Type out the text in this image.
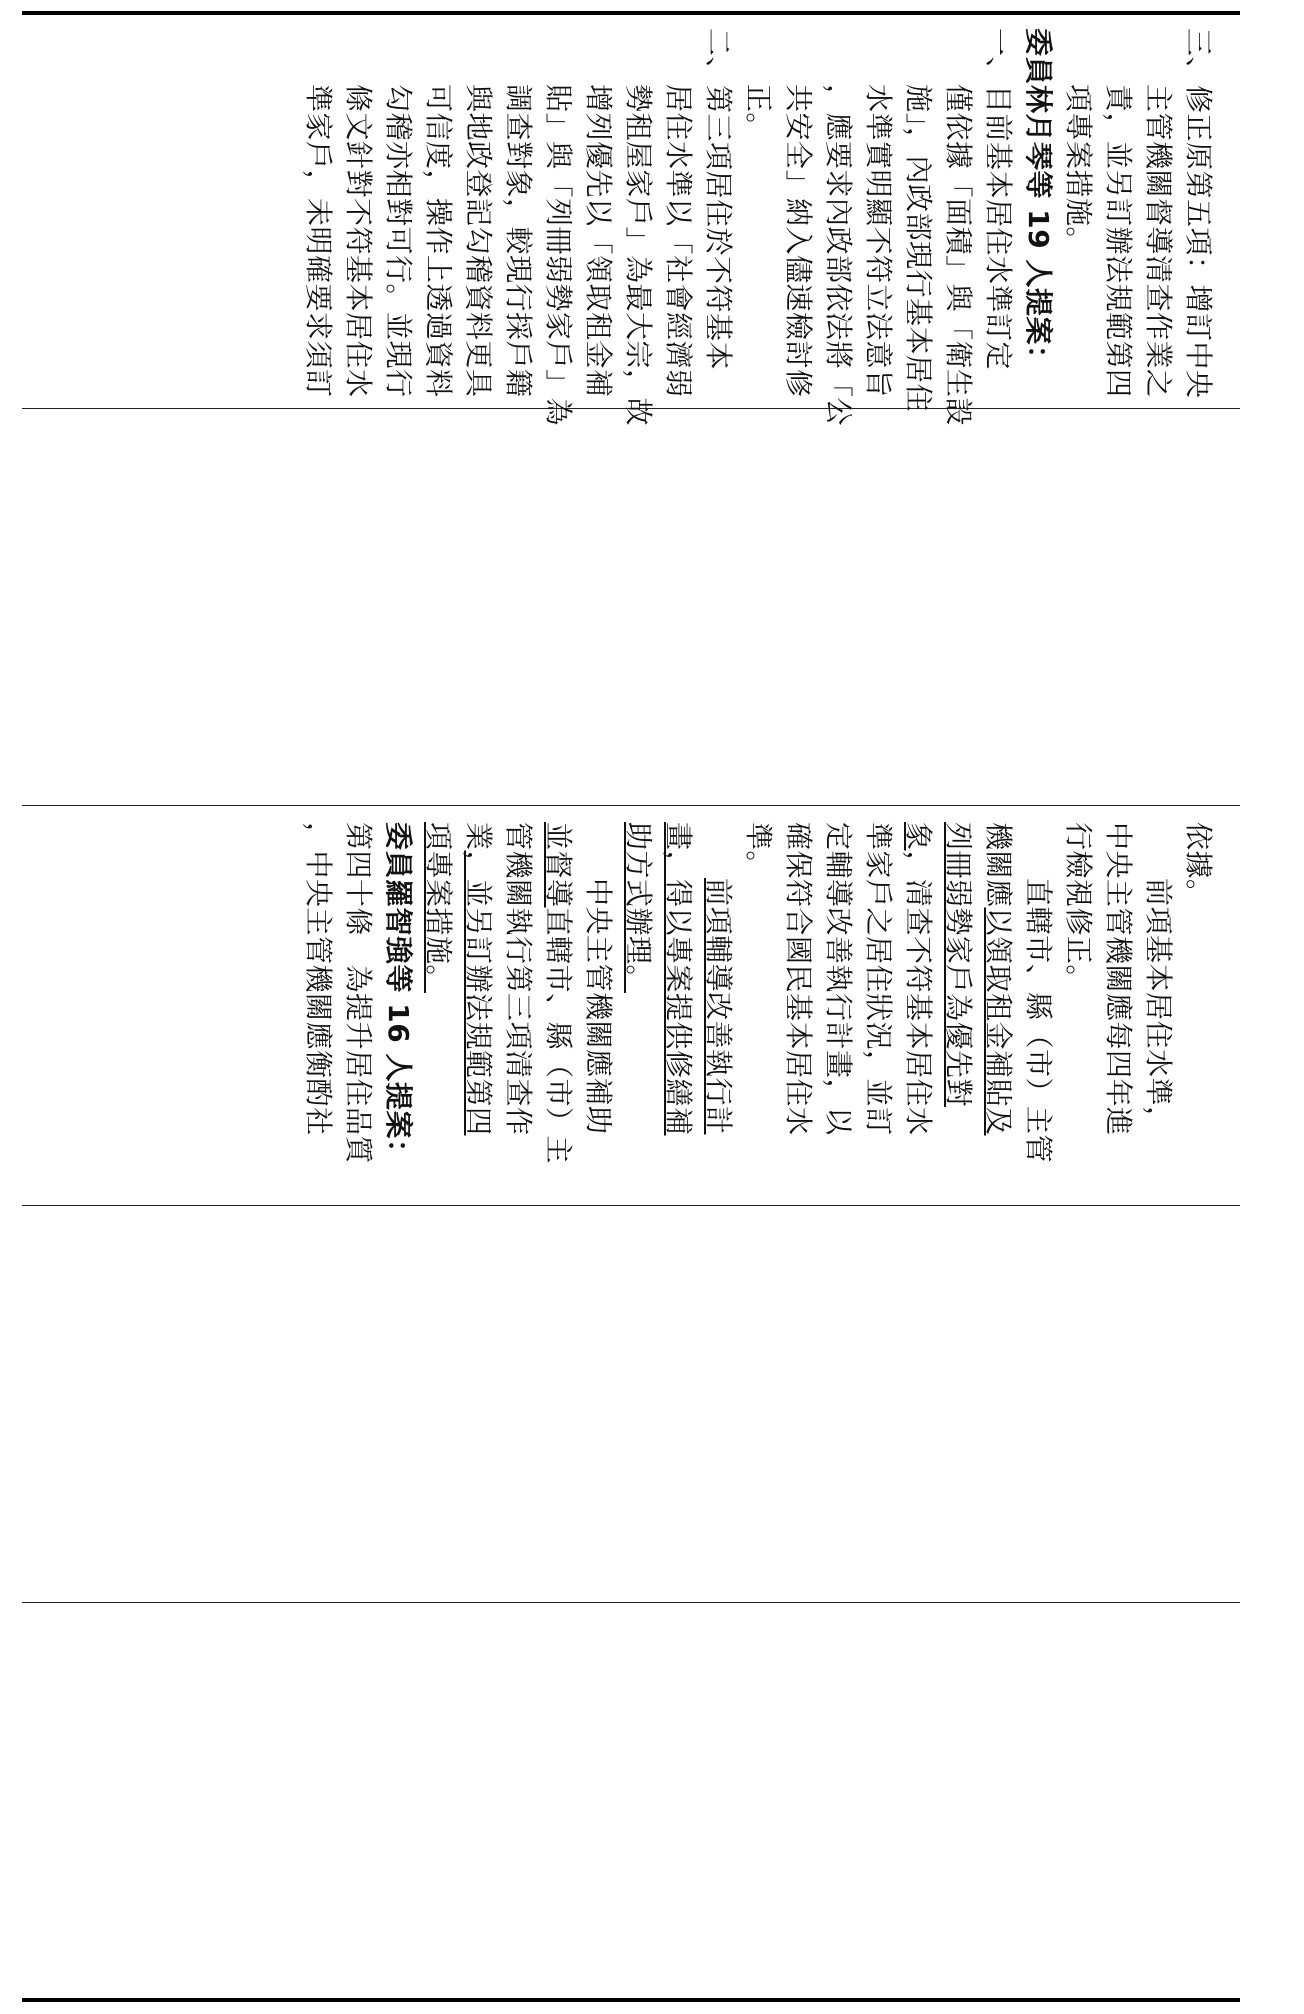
三、修正原第五項：增訂中央

主管機關督導清查作業之

責，並另訂辦法規範第四

項專案措施。

委員林月琴等 19 人提案：

一、目前基本居住水準訂定

僅依據「面積」與「衛生設

施」，內政部現行基本居住

水準實明顯不符立法意旨

，應要求內政部依法將「公

共安全」納入儘速檢討修

正。

二、第三項居住於不符基本

居住水準以「社會經濟弱

勢租屋家戶」為最大宗，故

增列優先以「領取租金補

貼」與「列冊弱勢家戶」為

調查對象，較現行採戶籍

與地政登記勾稽資料更具

可信度，操作上透過資料

勾稽亦相對可行。並現行

條文針對不符基本居住水

準家戶，未明確要求須訂

依據。

前項基本居住水準，

中央主管機關應每四年進

行檢視修正。

直轄市、縣（市）主管

機關應以領取租金補貼及

列冊弱勢家戶為優先對

象，清查不符基本居住水

準家戶之居住狀況，並訂

定輔導改善執行計畫，以

確保符合國民基本居住水

準。

前項輔導改善執行計

畫，得以專案提供修繕補

助方式辦理。

中央主管機關應補助

並督導直轄市、縣（市）主

管機關執行第三項清查作

業，並另訂辦法規範第四

項專案措施。

委員羅智強等 16 人提案：

第四十條　為提升居住品質

，中央主管機關應衡酌社
